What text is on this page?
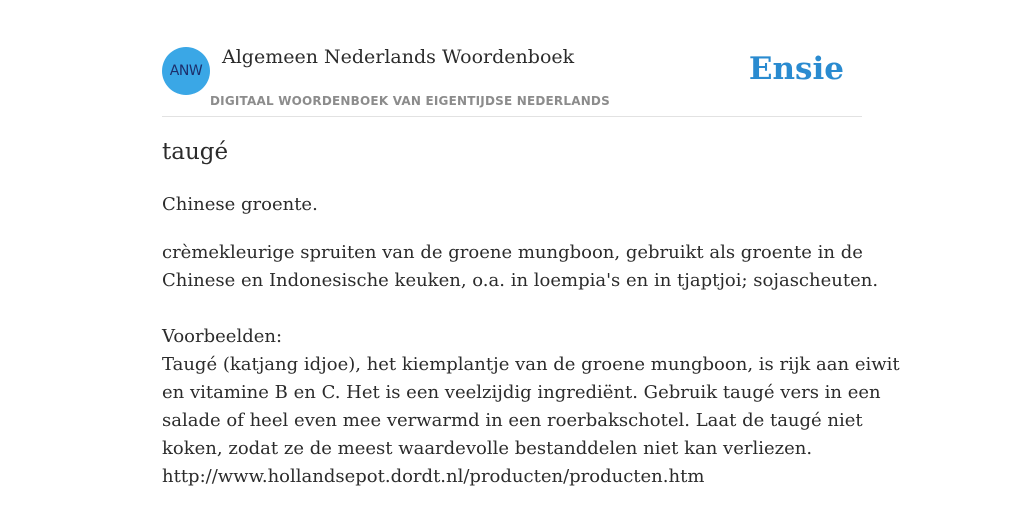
ANW
Algemeen Nederlands Woordenboek
DIGITAAL WOORDENBOEK VAN EIGENTIJDSE NEDERLANDS
Ensie
taugé
Chinese groente.
crèmekleurige spruiten van de groene mungboon, gebruikt als groente in de
Chinese en Indonesische keuken, o.a. in loempia's en in tjaptjoi; sojascheuten.
Voorbeelden:
Taugé (katjang idjoe), het kiemplantje van de groene mungboon, is rijk aan eiwit
en vitamine B en C. Het is een veelzijdig ingrediënt. Gebruik taugé vers in een
salade of heel even mee verwarmd in een roerbakschotel. Laat de taugé niet
koken, zodat ze de meest waardevolle bestanddelen niet kan verliezen.
http://www.hollandsepot.dordt.nl/producten/producten.htm
